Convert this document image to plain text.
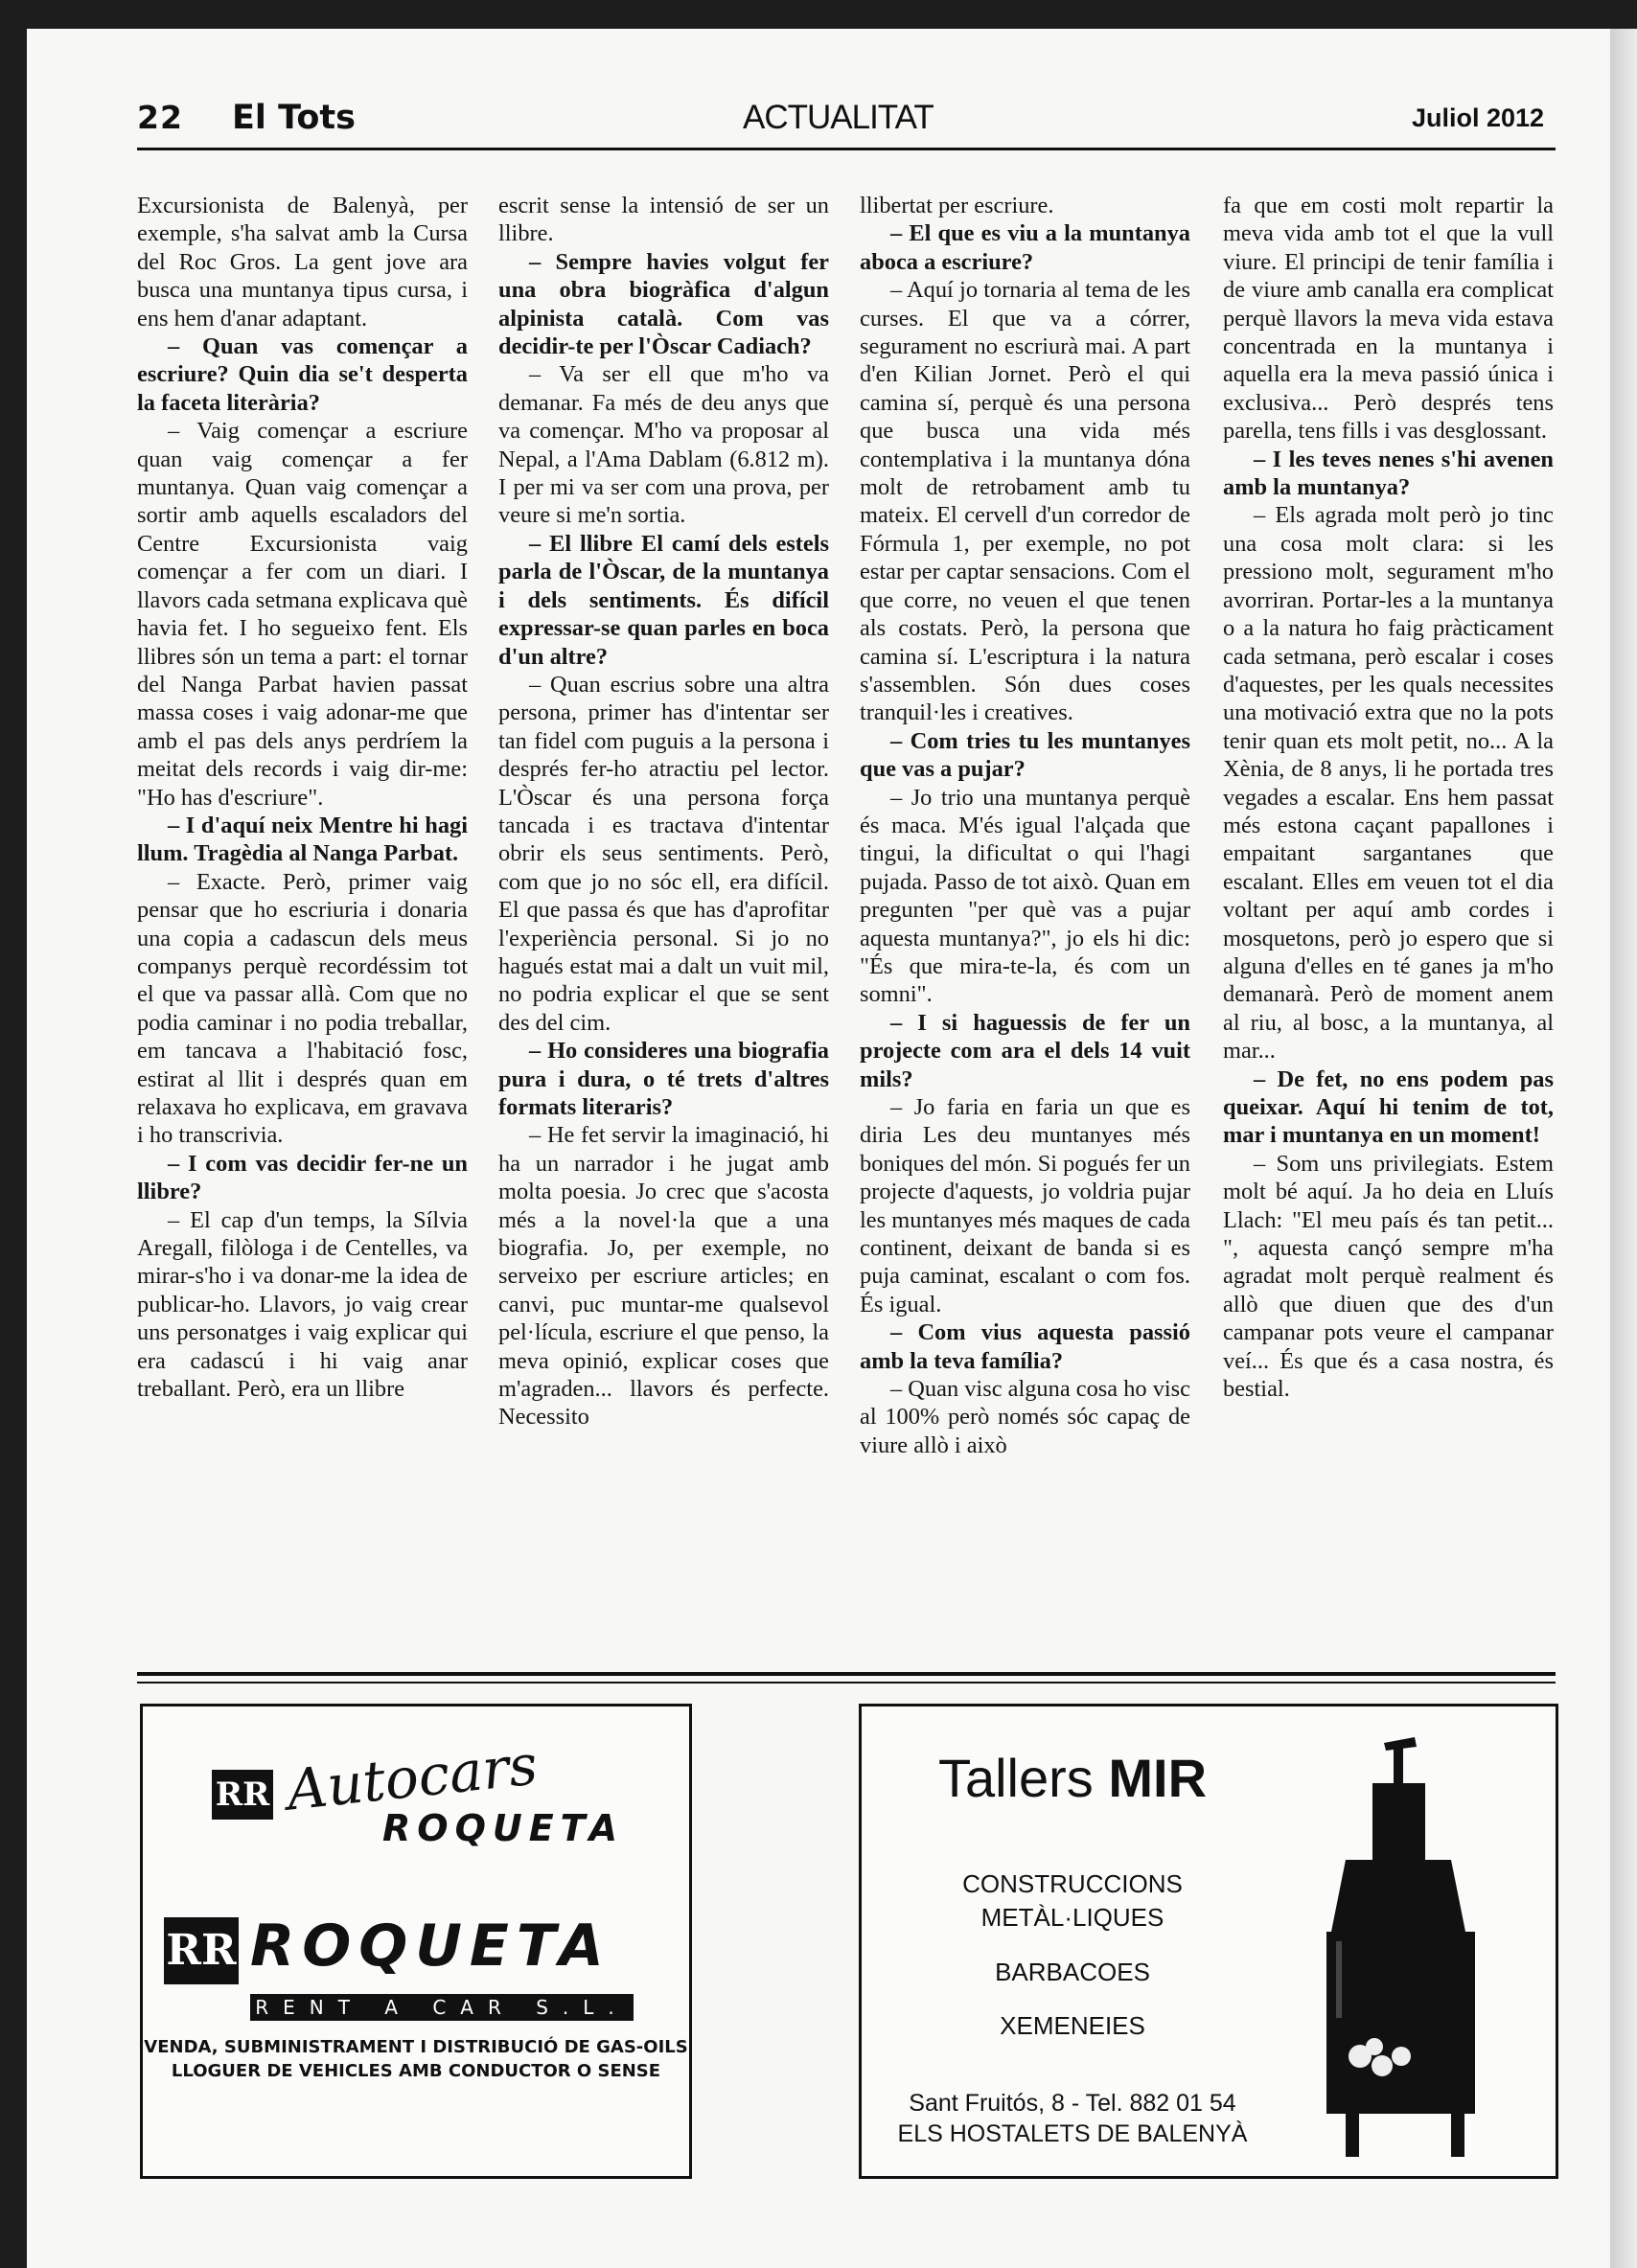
22 El Tots	ACTUALITAT	Juliol 2012

Excursionista de Balenyà, per exemple, s'ha salvat amb la Cursa del Roc Gros. La gent jove ara busca una muntanya tipus cursa, i ens hem d'anar adaptant.

– Quan vas començar a escriure? Quin dia se't desperta la faceta literària?

– Vaig començar a escriure quan vaig començar a fer muntanya. Quan vaig començar a sortir amb aquells escaladors del Centre Excursionista vaig començar a fer com un diari. I llavors cada setmana explicava què havia fet. I ho segueixo fent. Els llibres són un tema a part: el tornar del Nanga Parbat havien passat massa coses i vaig adonar-me que amb el pas dels anys perdríem la meitat dels records i vaig dir-me: "Ho has d'escriure".

– I d'aquí neix Mentre hi hagi llum. Tragèdia al Nanga Parbat.

– Exacte. Però, primer vaig pensar que ho escriuria i donaria una copia a cadascun dels meus companys perquè recordéssim tot el que va passar allà. Com que no podia caminar i no podia treballar, em tancava a l'habitació fosc, estirat al llit i després quan em relaxava ho explicava, em gravava i ho transcrivia.

– I com vas decidir fer-ne un llibre?

– El cap d'un temps, la Sílvia Aregall, filòloga i de Centelles, va mirar-s'ho i va donar-me la idea de publicar-ho. Llavors, jo vaig crear uns personatges i vaig explicar qui era cadascú i hi vaig anar treballant. Però, era un llibre

escrit sense la intensió de ser un llibre.

– Sempre havies volgut fer una obra biogràfica d'algun alpinista català. Com vas decidir-te per l'Òscar Cadiach?

– Va ser ell que m'ho va demanar. Fa més de deu anys que va començar. M'ho va proposar al Nepal, a l'Ama Dablam (6.812 m). I per mi va ser com una prova, per veure si me'n sortia.

– El llibre El camí dels estels parla de l'Òscar, de la muntanya i dels sentiments. És difícil expressar-se quan parles en boca d'un altre?

– Quan escrius sobre una altra persona, primer has d'intentar ser tan fidel com puguis a la persona i després fer-ho atractiu pel lector. L'Òscar és una persona força tancada i es tractava d'intentar obrir els seus sentiments. Però, com que jo no sóc ell, era difícil. El que passa és que has d'aprofitar l'experiència personal. Si jo no hagués estat mai a dalt un vuit mil, no podria explicar el que se sent des del cim.

– Ho consideres una biografia pura i dura, o té trets d'altres formats literaris?

– He fet servir la imaginació, hi ha un narrador i he jugat amb molta poesia. Jo crec que s'acosta més a la novel·la que a una biografia. Jo, per exemple, no serveixo per escriure articles; en canvi, puc muntar-me qualsevol pel·lícula, escriure el que penso, la meva opinió, explicar coses que m'agraden... llavors és perfecte. Necessito

llibertat per escriure.

– El que es viu a la muntanya aboca a escriure?

– Aquí jo tornaria al tema de les curses. El que va a córrer, segurament no escriurà mai. A part d'en Kilian Jornet. Però el qui camina sí, perquè és una persona que busca una vida més contemplativa i la muntanya dóna molt de retrobament amb tu mateix. El cervell d'un corredor de Fórmula 1, per exemple, no pot estar per captar sensacions. Com el que corre, no veuen el que tenen als costats. Però, la persona que camina sí. L'escriptura i la natura s'assemblen. Són dues coses tranquil·les i creatives.

– Com tries tu les muntanyes que vas a pujar?

– Jo trio una muntanya perquè és maca. M'és igual l'alçada que tingui, la dificultat o qui l'hagi pujada. Passo de tot això. Quan em pregunten "per què vas a pujar aquesta muntanya?", jo els hi dic: "És que mira-te-la, és com un somni".

– I si haguessis de fer un projecte com ara el dels 14 vuit mils?

– Jo faria en faria un que es diria Les deu muntanyes més boniques del món. Si pogués fer un projecte d'aquests, jo voldria pujar les muntanyes més maques de cada continent, deixant de banda si es puja caminat, escalant o com fos. És igual.

– Com vius aquesta passió amb la teva família?

– Quan visc alguna cosa ho visc al 100% però només sóc capaç de viure allò i això

fa que em costi molt repartir la meva vida amb tot el que la vull viure. El principi de tenir família i de viure amb canalla era complicat perquè llavors la meva vida estava concentrada en la muntanya i aquella era la meva passió única i exclusiva... Però després tens parella, tens fills i vas desglossant.

– I les teves nenes s'hi avenen amb la muntanya?

– Els agrada molt però jo tinc una cosa molt clara: si les pressiono molt, segurament m'ho avorriran. Portar-les a la muntanya o a la natura ho faig pràcticament cada setmana, però escalar i coses d'aquestes, per les quals necessites una motivació extra que no la pots tenir quan ets molt petit, no... A la Xènia, de 8 anys, li he portada tres vegades a escalar. Ens hem passat més estona caçant papallones i empaitant sargantanes que escalant. Elles em veuen tot el dia voltant per aquí amb cordes i mosquetons, però jo espero que si alguna d'elles en té ganes ja m'ho demanarà. Però de moment anem al riu, al bosc, a la muntanya, al mar...

– De fet, no ens podem pas queixar. Aquí hi tenim de tot, mar i muntanya en un moment!

– Som uns privilegiats. Estem molt bé aquí. Ja ho deia en Lluís Llach: "El meu país és tan petit... ", aquesta cançó sempre m'ha agradat molt perquè realment és allò que diuen que des d'un campanar pots veure el campanar veí... És que és a casa nostra, és bestial.

RR Autocars
ROQUETA
RR ROQUETA
RENT A CAR S.L.
VENDA, SUBMINISTRAMENT I DISTRIBUCIÓ DE GAS-OILS
LLOGUER DE VEHICLES AMB CONDUCTOR O SENSE
Tallers MIR
CONSTRUCCIONS
METÀL·LIQUES
BARBACOES
XEMENEIES
Sant Fruitós, 8 - Tel. 882 01 54
ELS HOSTALETS DE BALENYÀ
